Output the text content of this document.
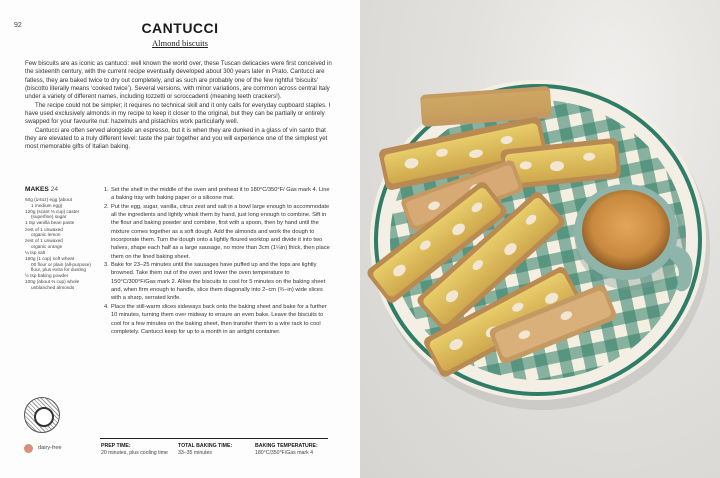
92	CANTUCCI
Almond biscuits

Few biscuits are as iconic as cantucci: well known the world over, these Tuscan delicacies were first conceived in the sixteenth century, with the current recipe eventually developed about 300 years later in Prato. Cantucci are fatless, they are baked twice to dry out completely, and as such are probably one of the few rightful ‘biscuits’ (biscotto literally means ‘cooked twice’). Several versions, with minor variations, are common across central Italy under a variety of different names, including tozzetti or scroccadenti (meaning teeth crackers!).

The recipe could not be simpler; it requires no technical skill and it only calls for everyday cupboard staples. I have used exclusively almonds in my recipe to keep it closer to the original, but they can be partially or entirely swapped for your favourite nut: hazelnuts and pistachios work particularly well.

Cantucci are often served alongside an espresso, but it is when they are dunked in a glass of vin santo that they are elevated to a truly different level: taste the pair together and you will experience one of the simplest yet most memorable gifts of Italian baking.

MAKES 24
60g (1⁄4oz) egg (about
1 medium egg)
120g (scant ⅓ cup) caster
(superfine) sugar
1 tsp vanilla bean paste
zest of 1 unwaxed
organic lemon
zest of 1 unwaxed
organic orange
¼ tsp salt
160g (1 cup) soft wheat
00 flour or plain (all-purpose) flour, plus extra for dusting
½ tsp baking powder
100g (about ⅔ cup) whole
unblanched almonds
1. Set the shelf in the middle of the oven and preheat it to 180°C/350°F/ Gas mark 4. Line a baking tray with baking paper or a silicone mat.
2. Put the egg, sugar, vanilla, citrus zest and salt in a bowl large enough to accommodate all the ingredients and lightly whisk them by hand, just long enough to combine. Sift in the flour and baking powder and combine, first with a spoon, then by hand until the mixture comes together as a soft dough. Add the almonds and work the dough to incorporate them. Turn the dough onto a lightly floured worktop and divide it into two halves, shape each half as a large sausage, no more than 3cm (1¼in) thick, then place them on the lined baking sheet.
3. Bake for 23–25 minutes until the sausages have puffed up and the tops are lightly browned. Take them out of the oven and lower the oven temperature to 150°C/300°F/Gas mark 2. Allow the biscuits to cool for 5 minutes on the baking sheet and, when firm enough to handle, slice them diagonally into 2–cm (¾–in) wide slices with a sharp, serrated knife.
4. Place the still-warm slices sideways back onto the baking sheet and bake for a further 10 minutes, turning them over midway to ensure an even bake. Leave the biscuits to cool for a few minutes on the baking sheet, then transfer them to a wire rack to cool completely. Cantucci keep for up to a month in an airtight container.
dairy-free	PREP TIME:
20 minutes, plus cooling time
TOTAL BAKING TIME:
33–35 minutes
BAKING TEMPERATURE:
180°C/350°F/Gas mark 4
